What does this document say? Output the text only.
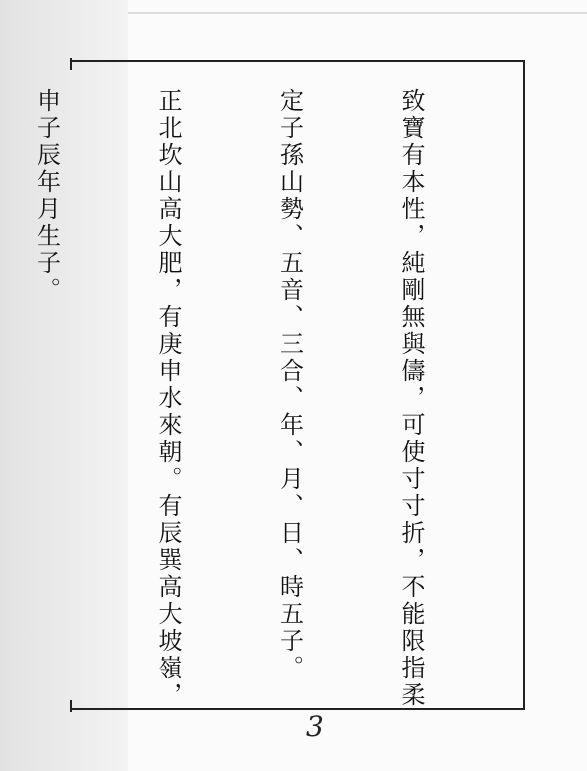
致寶有本性，純剛無與儔，可使寸寸折，不能限指柔

定子孫山勢、五音、三合、年、月、日、時五子。

正北坎山高大肥，有庚申水來朝。有辰巽高大坡嶺，

申子辰年月生子。

3
